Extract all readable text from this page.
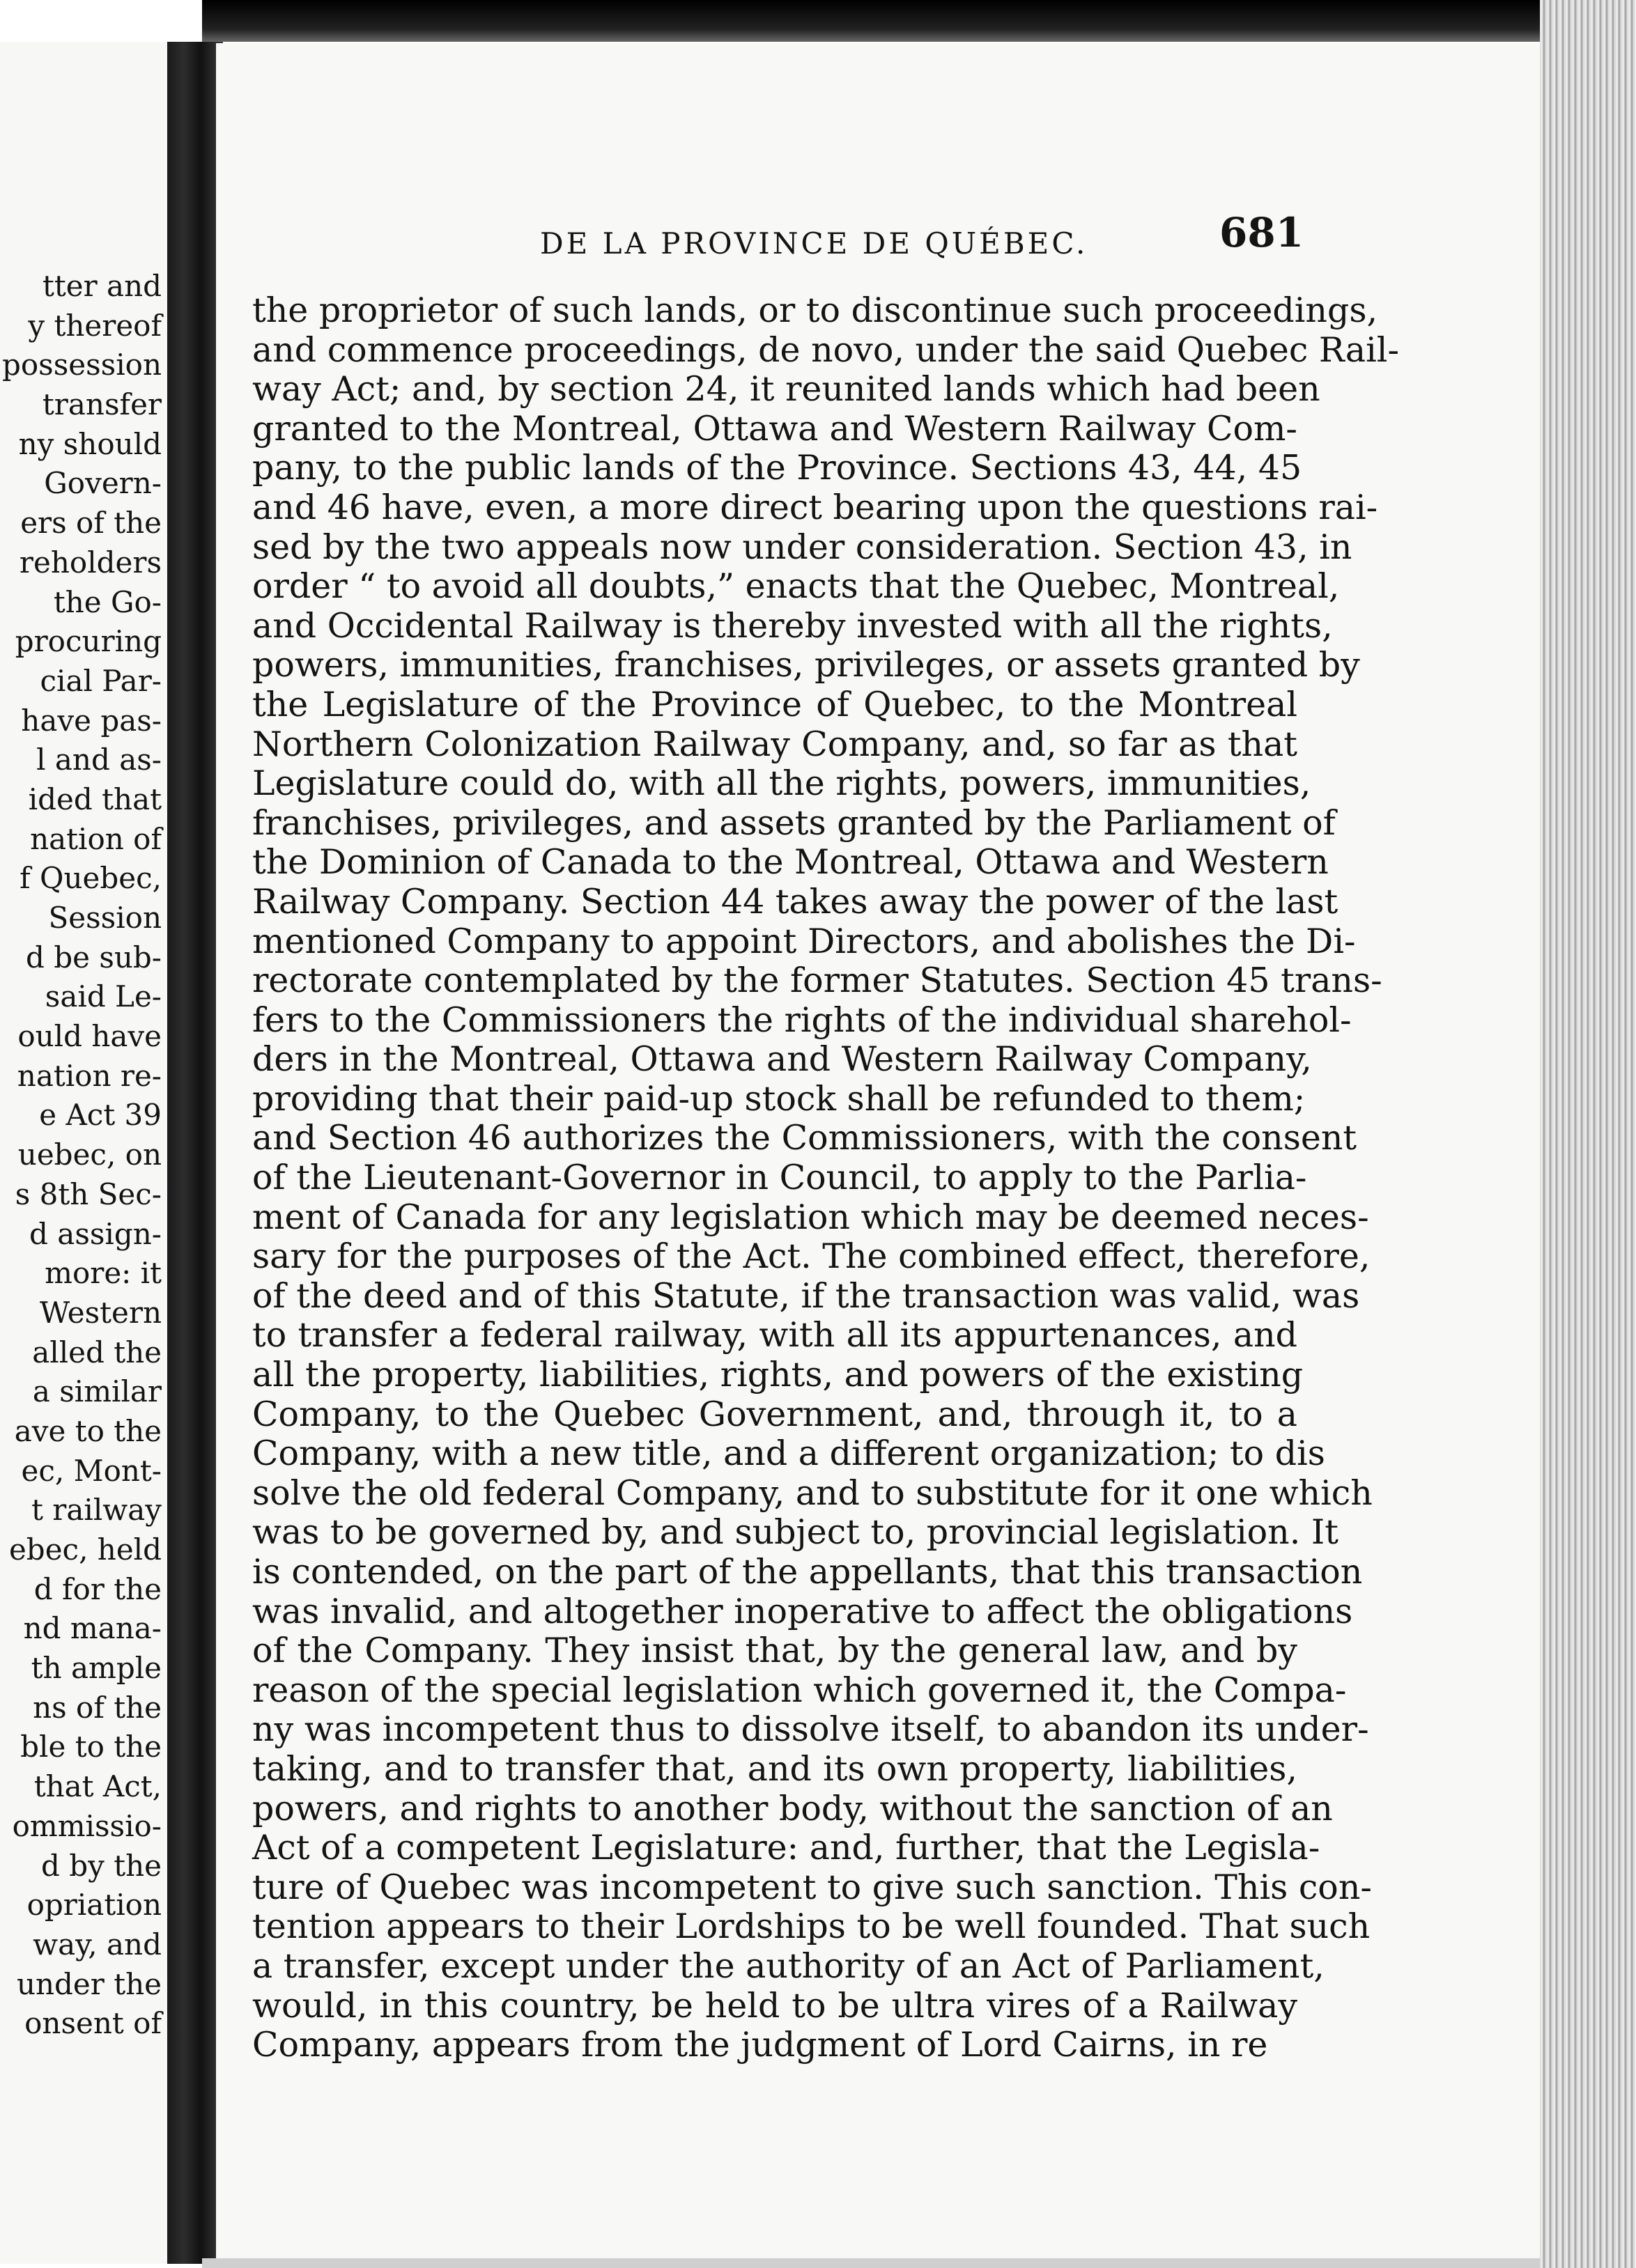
tter and
y thereof
possession
transfer
ny should
Govern-
ers of the
reholders
the Go-
procuring
cial Par-
have pas-
l and as-
ided that
nation of
f Quebec,
Session
d be sub-
said Le-
ould have
nation re-
e Act 39
uebec, on
s 8th Sec-
d assign-
more: it
Western
alled the
a similar
ave to the
ec, Mont-
t railway
ebec, held
d for the
nd mana-
th ample
ns of the
ble to the
that Act,
ommissio-
d by the
opriation
way, and
under the
onsent of
DE LA PROVINCE DE QUÉBEC.	681
the proprietor of such lands, or to discontinue such proceedings,
and commence proceedings, de novo, under the said Quebec Rail-
way Act; and, by section 24, it reunited lands which had been
granted to the Montreal, Ottawa and Western Railway Com-
pany, to the public lands of the Province. Sections 43, 44, 45
and 46 have, even, a more direct bearing upon the questions rai-
sed by the two appeals now under consideration. Section 43, in
order “ to avoid all doubts,” enacts that the Quebec, Montreal,
and Occidental Railway is thereby invested with all the rights,
powers, immunities, franchises, privileges, or assets granted by
the Legislature of the Province of Quebec, to the Montreal
Northern Colonization Railway Company, and, so far as that
Legislature could do, with all the rights, powers, immunities,
franchises, privileges, and assets granted by the Parliament of
the Dominion of Canada to the Montreal, Ottawa and Western
Railway Company. Section 44 takes away the power of the last
mentioned Company to appoint Directors, and abolishes the Di-
rectorate contemplated by the former Statutes. Section 45 trans-
fers to the Commissioners the rights of the individual sharehol-
ders in the Montreal, Ottawa and Western Railway Company,
providing that their paid-up stock shall be refunded to them;
and Section 46 authorizes the Commissioners, with the consent
of the Lieutenant-Governor in Council, to apply to the Parlia-
ment of Canada for any legislation which may be deemed neces-
sary for the purposes of the Act. The combined effect, therefore,
of the deed and of this Statute, if the transaction was valid, was
to transfer a federal railway, with all its appurtenances, and
all the property, liabilities, rights, and powers of the existing
Company, to the Quebec Government, and, through it, to a
Company, with a new title, and a different organization; to dis
solve the old federal Company, and to substitute for it one which
was to be governed by, and subject to, provincial legislation. It
is contended, on the part of the appellants, that this transaction
was invalid, and altogether inoperative to affect the obligations
of the Company. They insist that, by the general law, and by
reason of the special legislation which governed it, the Compa-
ny was incompetent thus to dissolve itself, to abandon its under-
taking, and to transfer that, and its own property, liabilities,
powers, and rights to another body, without the sanction of an
Act of a competent Legislature: and, further, that the Legisla-
ture of Quebec was incompetent to give such sanction. This con-
tention appears to their Lordships to be well founded. That such
a transfer, except under the authority of an Act of Parliament,
would, in this country, be held to be ultra vires of a Railway
Company, appears from the judgment of Lord Cairns, in re
